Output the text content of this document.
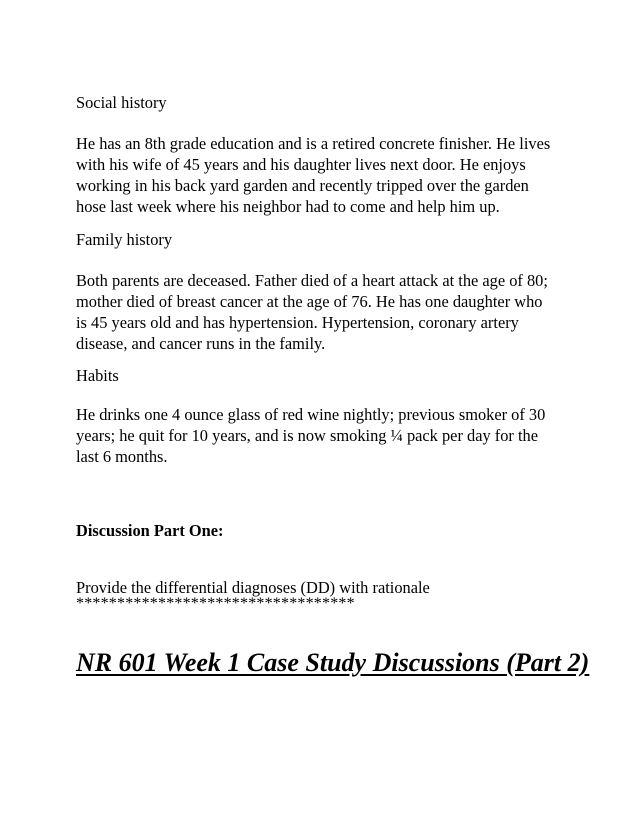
Social history

He has an 8th grade education and is a retired concrete finisher. He lives

with his wife of 45 years and his daughter lives next door. He enjoys

working in his back yard garden and recently tripped over the garden

hose last week where his neighbor had to come and help him up.

Family history

Both parents are deceased. Father died of a heart attack at the age of 80;

mother died of breast cancer at the age of 76. He has one daughter who

is 45 years old and has hypertension. Hypertension, coronary artery

disease, and cancer runs in the family.

Habits

He drinks one 4 ounce glass of red wine nightly; previous smoker of 30

years; he quit for 10 years, and is now smoking ¼ pack per day for the

last 6 months.

Discussion Part One:

Provide the differential diagnoses (DD) with rationale

**********************************

NR 601 Week 1 Case Study Discussions (Part 2)
